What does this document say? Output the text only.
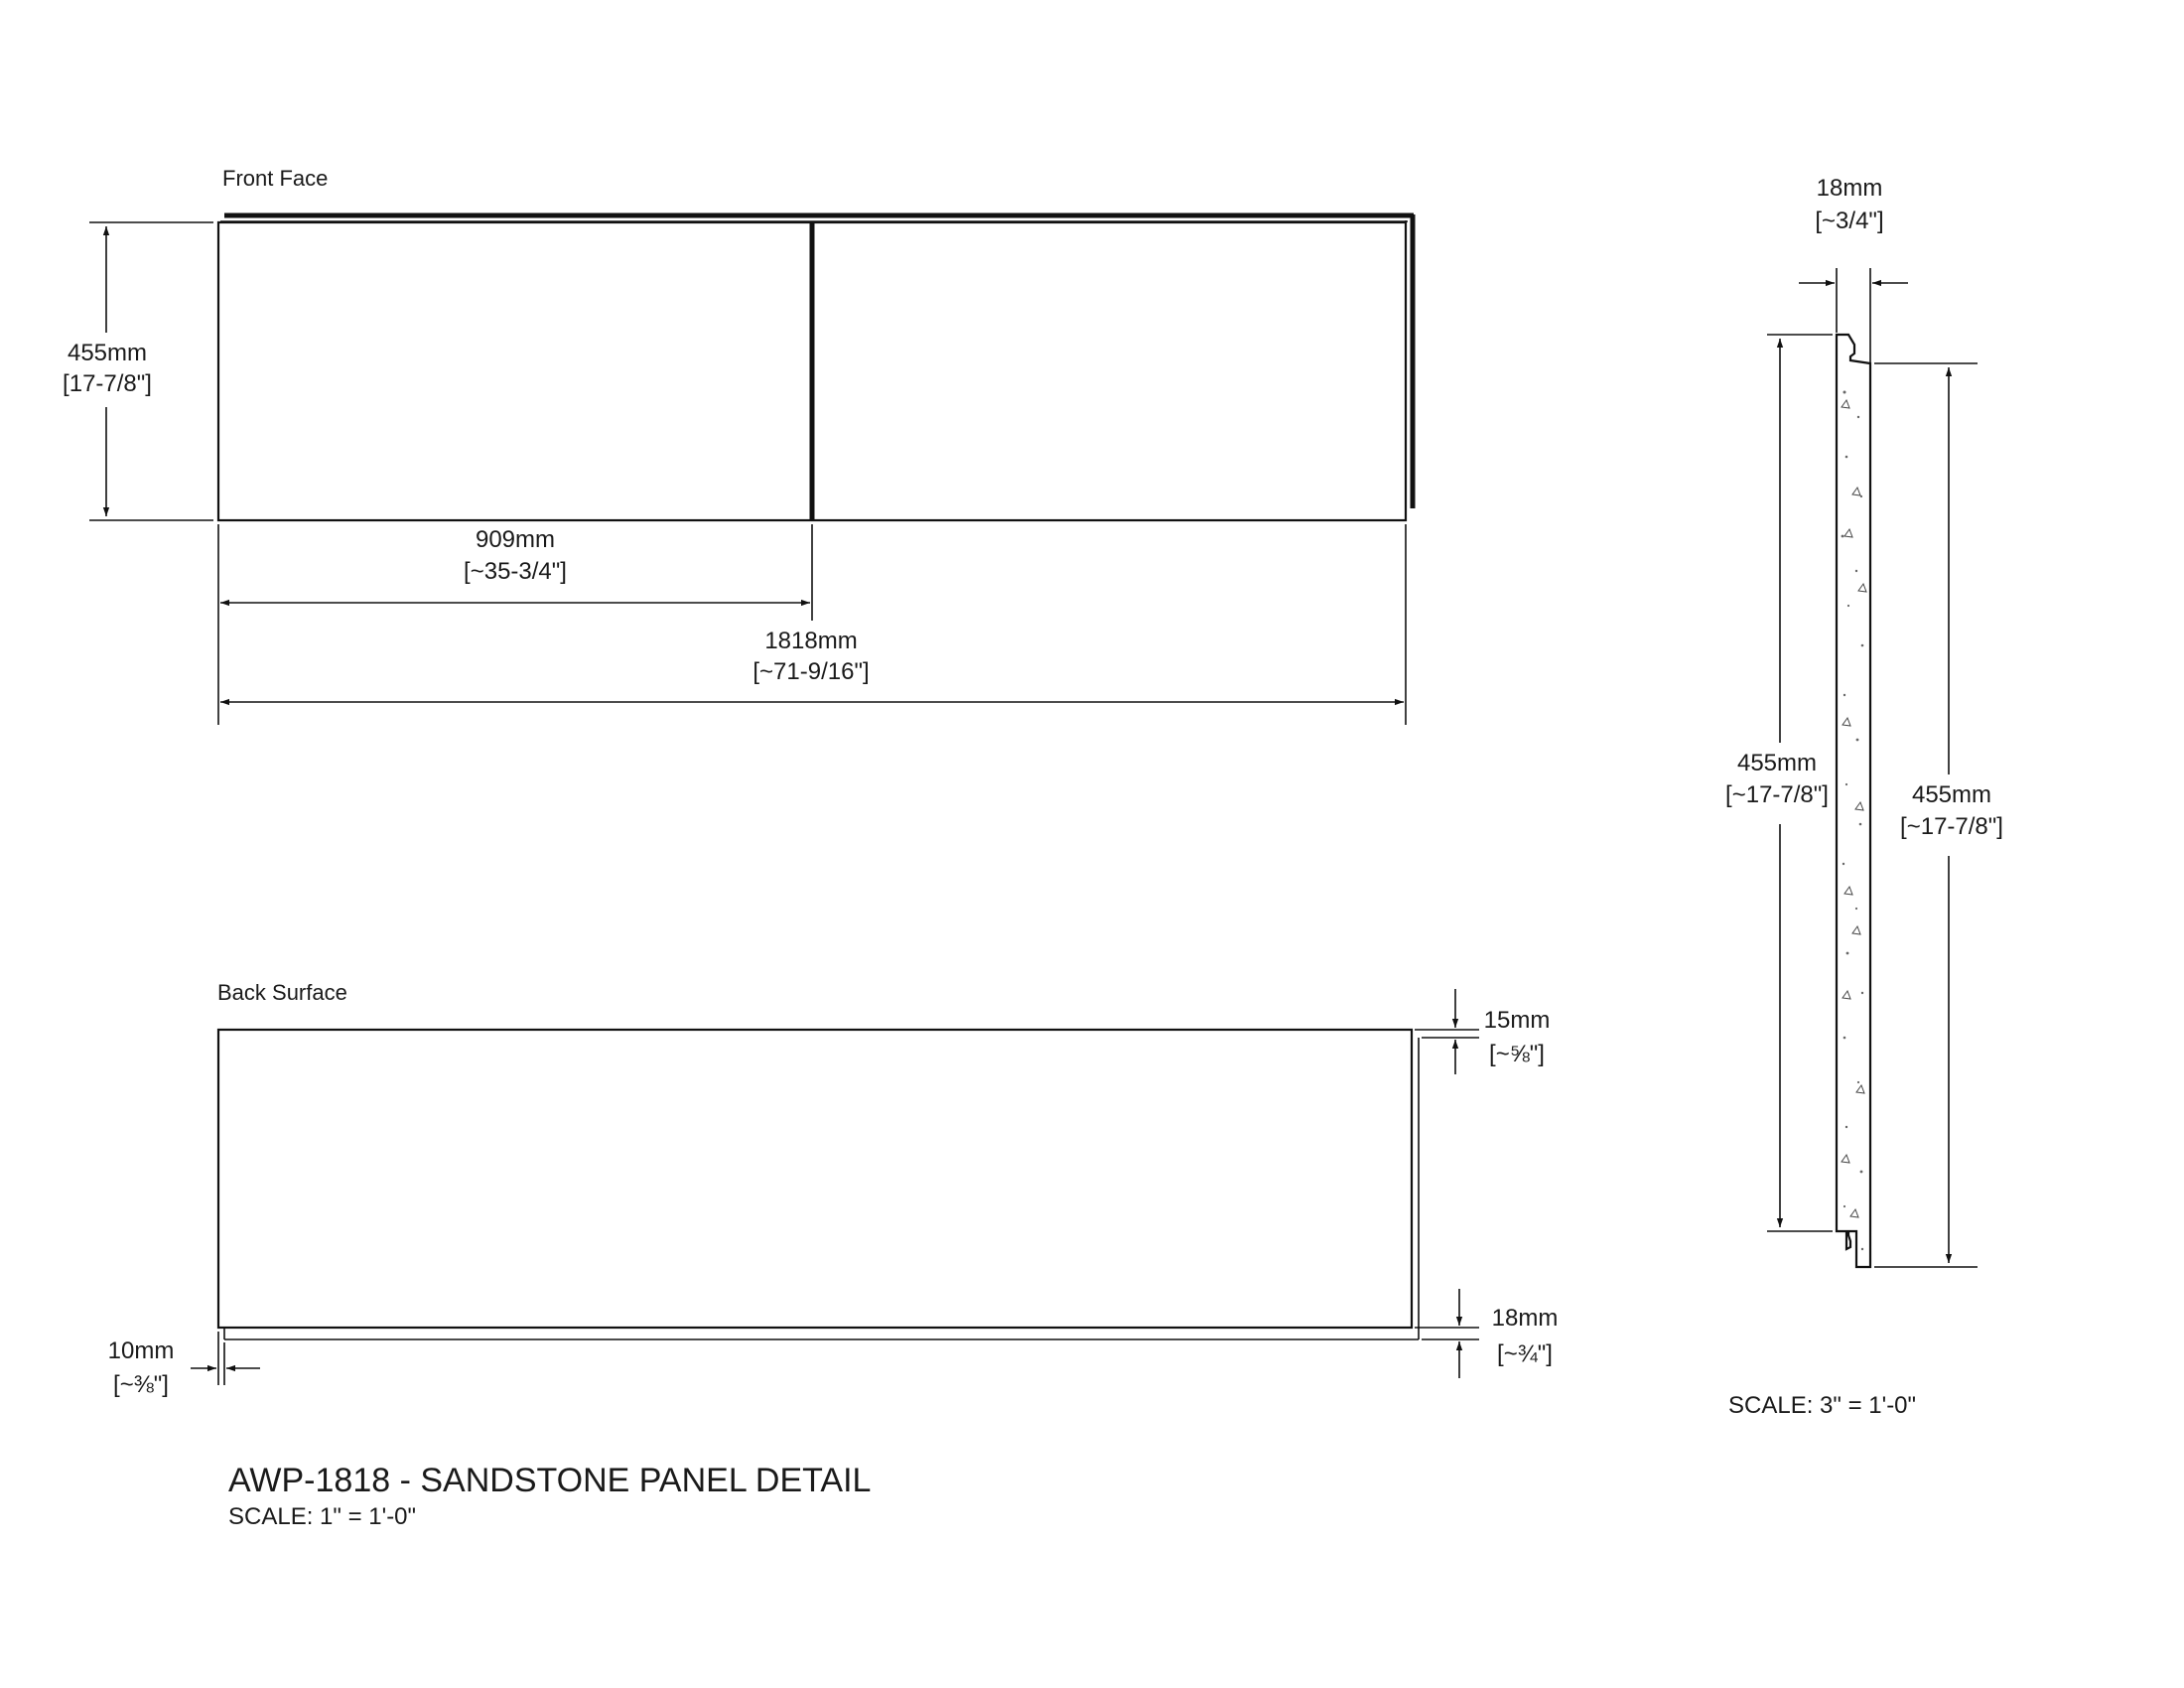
Front Face
455mm
[17-7/8"]
909mm
[~35-3/4"]
1818mm
[~71-9/16"]
Back Surface
15mm
[~⅝"]
18mm
[~¾"]
10mm
[~⅜"]
18mm
[~3/4"]
455mm
[~17-7/8"]	455mm
[~17-7/8"]
SCALE: 3" = 1'-0"
AWP-1818 - SANDSTONE PANEL DETAIL
SCALE: 1" = 1'-0"
